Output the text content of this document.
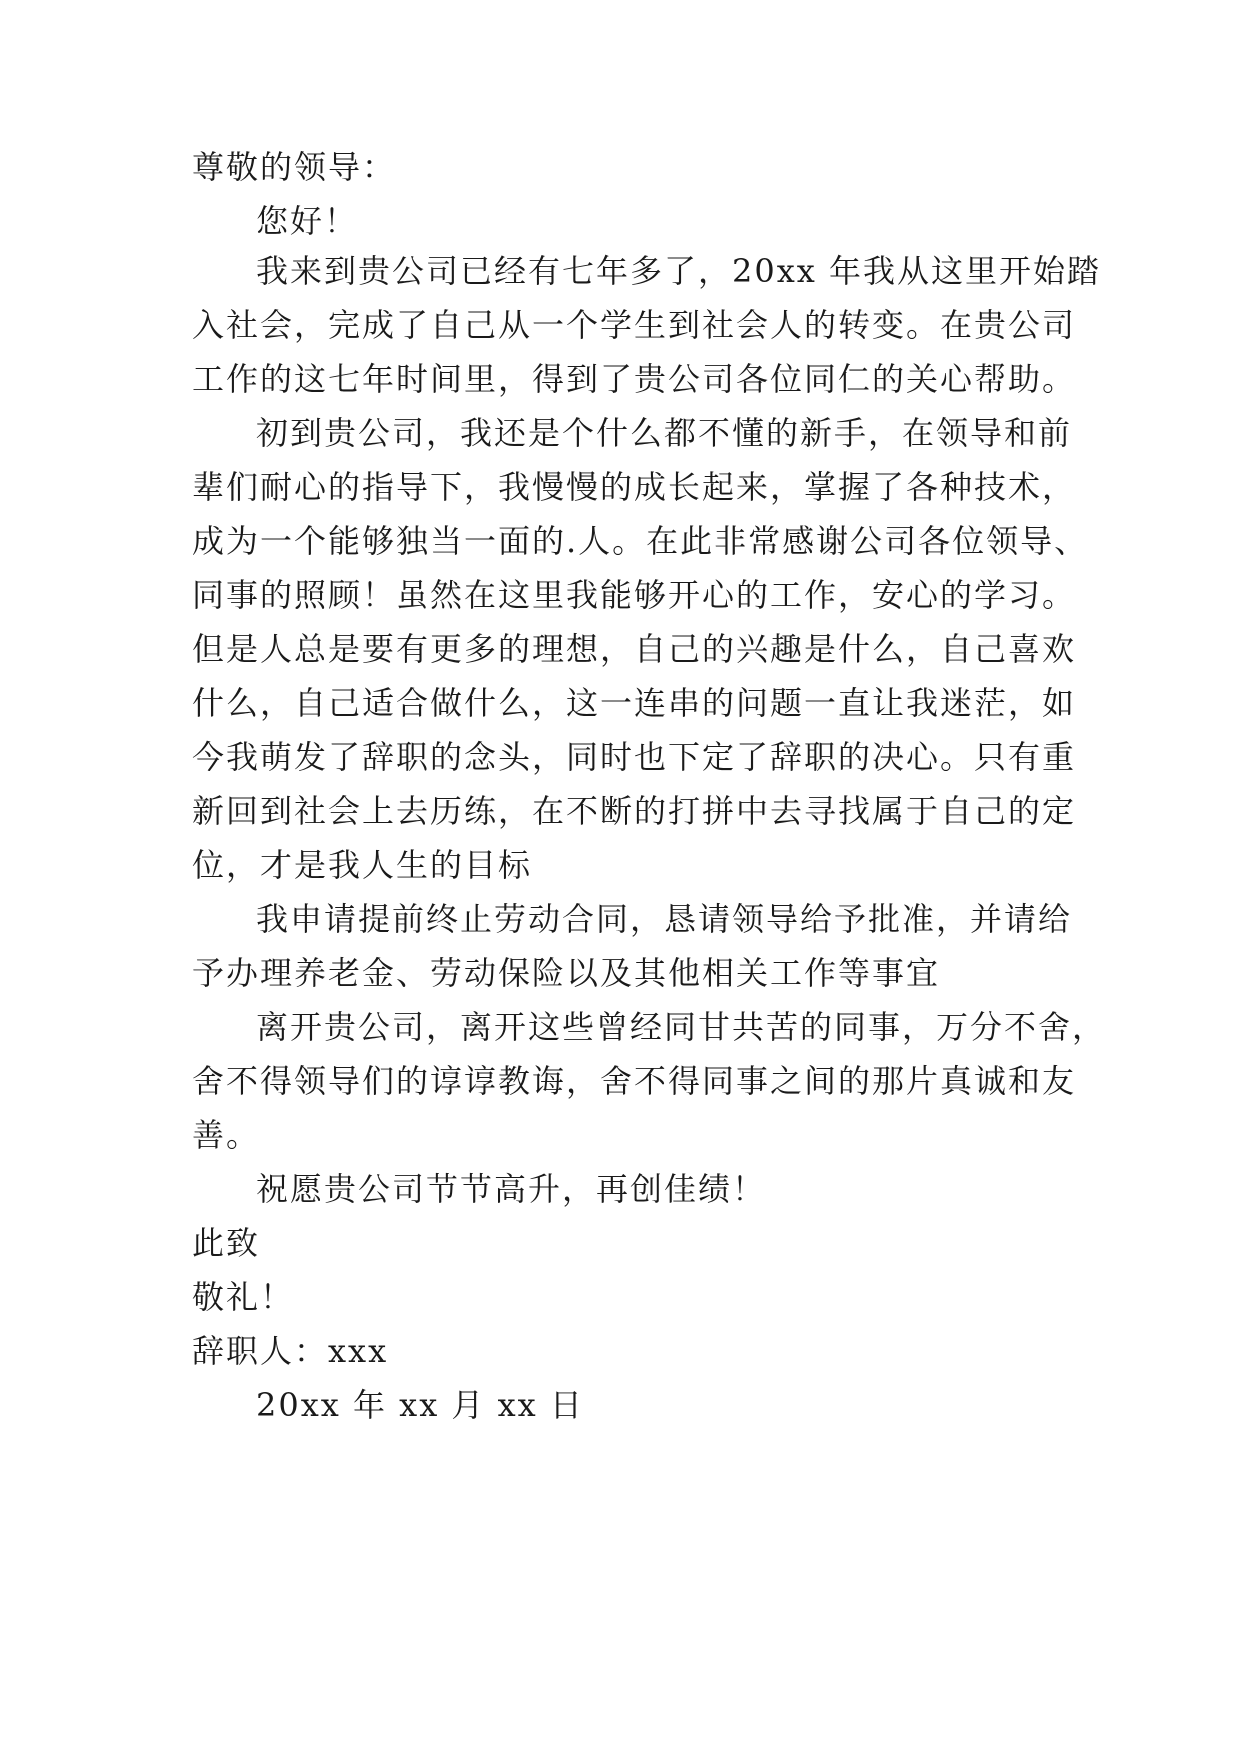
尊敬的领导：
您好！
我来到贵公司已经有七年多了，20xx 年我从这里开始踏
入社会，完成了自己从一个学生到社会人的转变。在贵公司
工作的这七年时间里，得到了贵公司各位同仁的关心帮助。
初到贵公司，我还是个什么都不懂的新手，在领导和前
辈们耐心的指导下，我慢慢的成长起来，掌握了各种技术，
成为一个能够独当一面的.人。在此非常感谢公司各位领导、
同事的照顾！虽然在这里我能够开心的工作，安心的学习。
但是人总是要有更多的理想，自己的兴趣是什么，自己喜欢
什么，自己适合做什么，这一连串的问题一直让我迷茫，如
今我萌发了辞职的念头，同时也下定了辞职的决心。只有重
新回到社会上去历练，在不断的打拼中去寻找属于自己的定
位，才是我人生的目标
我申请提前终止劳动合同，恳请领导给予批准，并请给
予办理养老金、劳动保险以及其他相关工作等事宜
离开贵公司，离开这些曾经同甘共苦的同事，万分不舍，
舍不得领导们的谆谆教诲，舍不得同事之间的那片真诚和友
善。
祝愿贵公司节节高升，再创佳绩！
此致
敬礼！
辞职人：xxx
20xx 年 xx 月 xx 日
